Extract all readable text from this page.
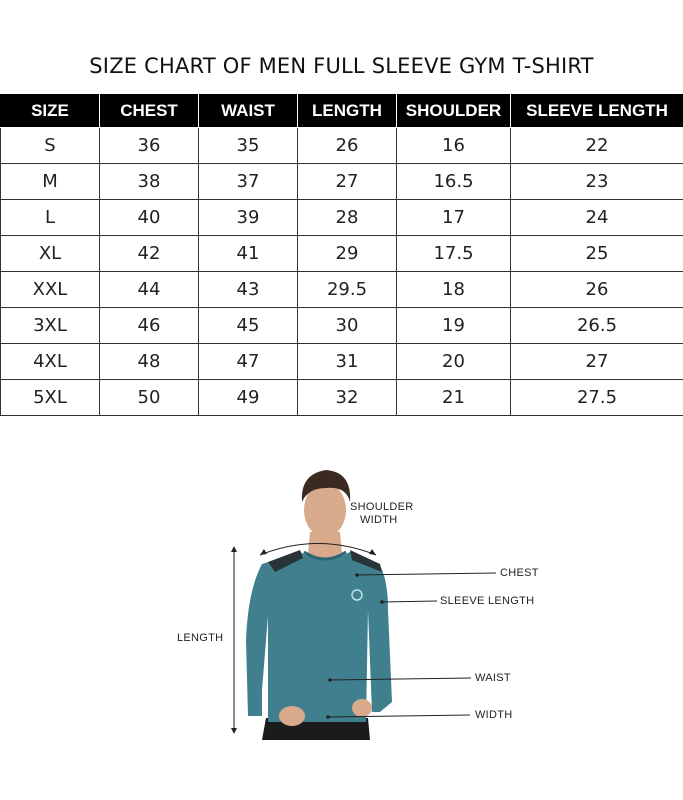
SIZE CHART OF MEN FULL SLEEVE GYM T-SHIRT
SIZE	CHEST	WAIST	LENGTH	SHOULDER	SLEEVE LENGTH
S	36	35	26	16	22
M	38	37	27	16.5	23
L	40	39	28	17	24
XL	42	41	29	17.5	25
XXL	44	43	29.5	18	26
3XL	46	45	30	19	26.5
4XL	48	47	31	20	27
5XL	50	49	32	21	27.5
SHOULDER
WIDTH
CHEST
SLEEVE LENGTH
LENGTH
WAIST
WIDTH
